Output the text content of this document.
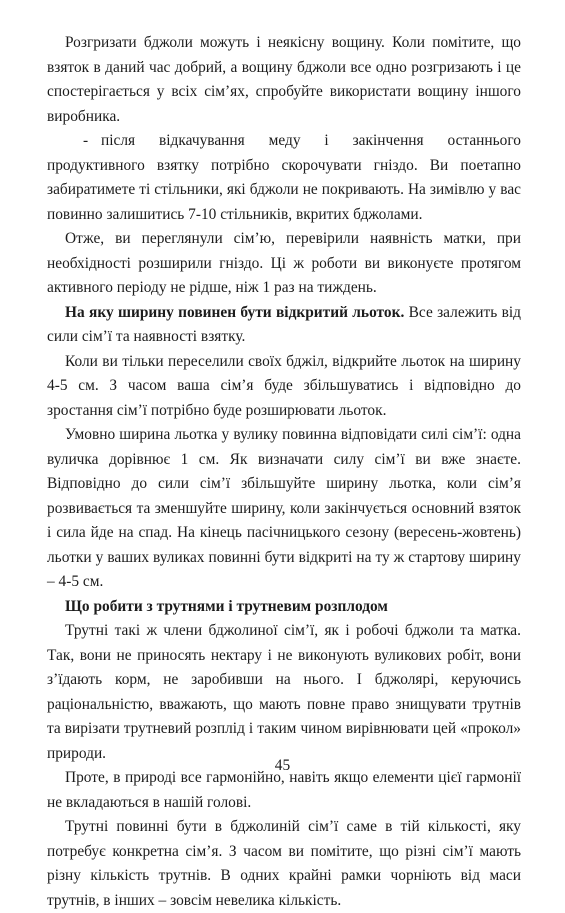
Розгризати бджоли можуть і неякісну вощину. Коли помітите, що взяток в даний час добрий, а вощину бджоли все одно розгризають і це спостерігається у всіх сім’ях, спробуйте використати вощину іншого виробника.

- після відкачування меду і закінчення останнього продуктивного взятку потрібно скорочувати гніздо. Ви поетапно забиратимете ті стільники, які бджоли не покривають. На зимівлю у вас повинно залишитись 7-10 стільників, вкритих бджолами.

Отже, ви переглянули сім’ю, перевірили наявність матки, при необхідності розширили гніздо. Ці ж роботи ви виконуєте протягом активного періоду не рідше, ніж 1 раз на тиждень.

На яку ширину повинен бути відкритий льоток. Все залежить від сили сім’ї та наявності взятку.

Коли ви тільки переселили своїх бджіл, відкрийте льоток на ширину 4-5 см. З часом ваша сім’я буде збільшуватись і відповідно до зростання сім’ї потрібно буде розширювати льоток.

Умовно ширина льотка у вулику повинна відповідати силі сім’ї: одна вуличка дорівнює 1 см. Як визначати силу сім’ї ви вже знаєте. Відповідно до сили сім’ї збільшуйте ширину льотка, коли сім’я розвивається та зменшуйте ширину, коли закінчується основний взяток і сила йде на спад. На кінець пасічницького сезону (вересень-жовтень) льотки у ваших вуликах повинні бути відкриті на ту ж стартову ширину – 4-5 см.

Що робити з трутнями і трутневим розплодом

Трутні такі ж члени бджолиної сім’ї, як і робочі бджоли та матка. Так, вони не приносять нектару і не виконують вуликових робіт, вони з’їдають корм, не заробивши на нього. І бджолярі, керуючись раціональністю, вважають, що мають повне право знищувати трутнів та вирізати трутневий розплід і таким чином вирівнювати цей «прокол» природи.

Проте, в природі все гармонійно, навіть якщо елементи цієї гармонії не вкладаються в нашій голові.

Трутні повинні бути в бджолиній сім’ї саме в тій кількості, яку потребує конкретна сім’я. З часом ви помітите, що різні сім’ї мають різну кількість трутнів. В одних крайні рамки чорніють від маси трутнів, в інших – зовсім невелика кількість.

45
